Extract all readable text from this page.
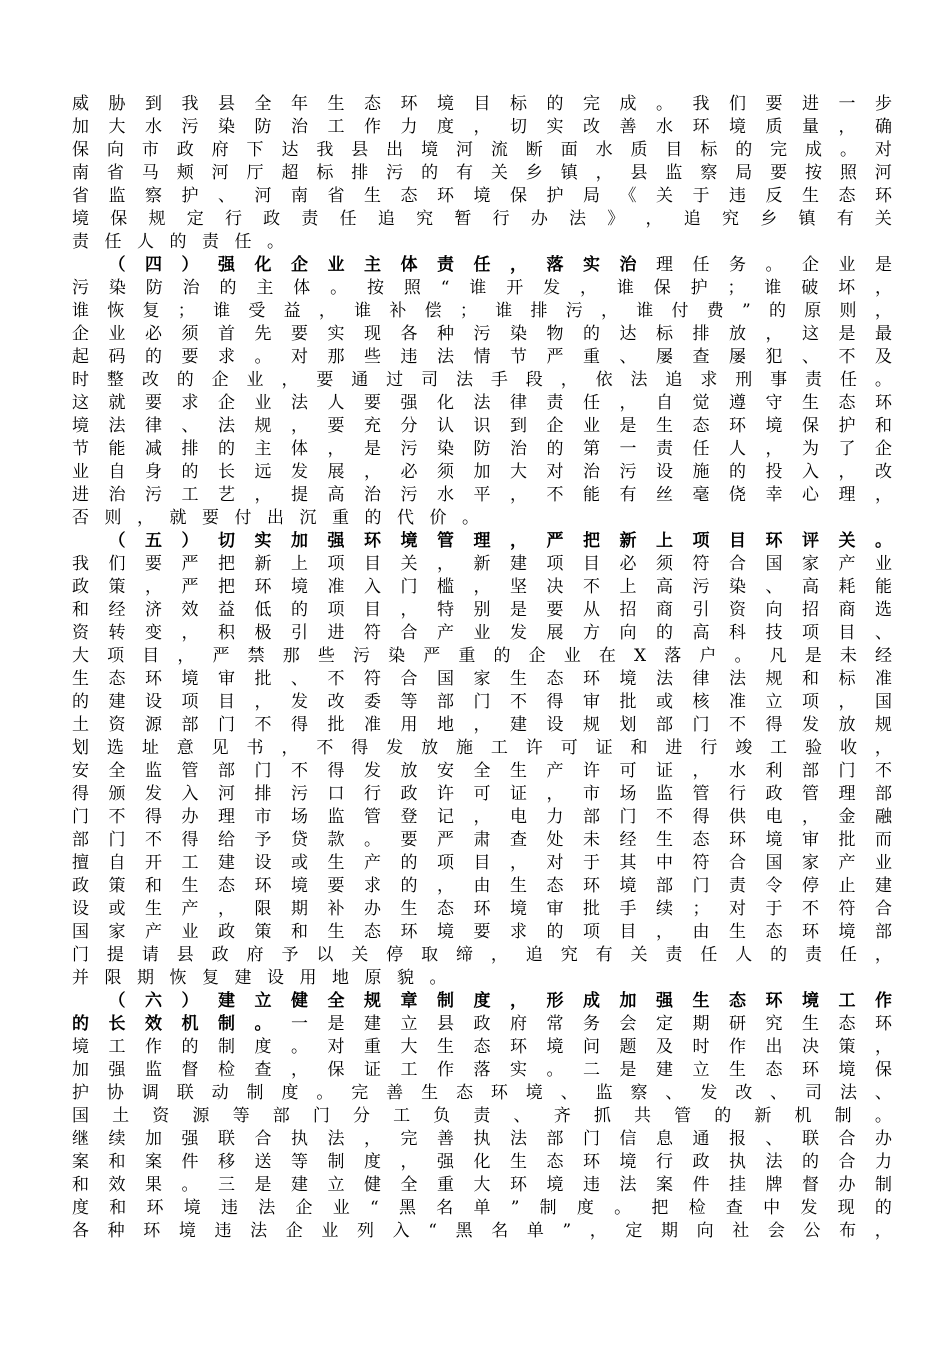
威 胁 到 我 县 全 年 生 态 环 境 目 标 的 完 成 。 我 们 要 进 一 步
加 大 水 污 染 防 治 工 作 力 度 ， 切 实 改 善 水 环 境 质 量 ， 确
保 向 市 政 府 下 达 我 县 出 境 河 流 断 面 水 质 目 标 的 完 成 。 对
南 省 马 颊 河 厅 超 标 排 污 的 有 关 乡 镇 ， 县 监 察 局 要 按 照 河
省 监 察 护 、 河 南 省 生 态 环 境 保 护 局 《 关 于 违 反 生 态 环
境 保 规 定 行 政 责 任 追 究 暂 行 办 法 》 ， 追 究 乡 镇 有 关
责 任 人 的 责 任 。
（ 四 ） 强 化 企 业 主 体 责 任 ， 落 实 治 理 任 务 。 企 业 是
污 染 防 治 的 主 体 。 按 照 “ 谁 开 发 ， 谁 保 护 ； 谁 破 坏 ，
谁 恢 复 ； 谁 受 益 ， 谁 补 偿 ； 谁 排 污 ， 谁 付 费 ” 的 原 则 ，
企 业 必 须 首 先 要 实 现 各 种 污 染 物 的 达 标 排 放 ， 这 是 最
起 码 的 要 求 。 对 那 些 违 法 情 节 严 重 、 屡 查 屡 犯 、 不 及
时 整 改 的 企 业 ， 要 通 过 司 法 手 段 ， 依 法 追 求 刑 事 责 任 。
这 就 要 求 企 业 法 人 要 强 化 法 律 责 任 ， 自 觉 遵 守 生 态 环
境 法 律 、 法 规 ， 要 充 分 认 识 到 企 业 是 生 态 环 境 保 护 和
节 能 减 排 的 主 体 ， 是 污 染 防 治 的 第 一 责 任 人 ， 为 了 企
业 自 身 的 长 远 发 展 ， 必 须 加 大 对 治 污 设 施 的 投 入 ， 改
进 治 污 工 艺 ， 提 高 治 污 水 平 ， 不 能 有 丝 毫 侥 幸 心 理 ，
否 则 ， 就 要 付 出 沉 重 的 代 价 。
（ 五 ） 切 实 加 强 环 境 管 理 ， 严 把 新 上 项 目 环 评 关 。
我 们 要 严 把 新 上 项 目 关 ， 新 建 项 目 必 须 符 合 国 家 产 业
政 策 ， 严 把 环 境 准 入 门 槛 ， 坚 决 不 上 高 污 染 、 高 耗 能
和 经 济 效 益 低 的 项 目 ， 特 别 是 要 从 招 商 引 资 向 招 商 选
资 转 变 ， 积 极 引 进 符 合 产 业 发 展 方 向 的 高 科 技 项 目 、
大 项 目 ， 严 禁 那 些 污 染 严 重 的 企 业 在 X 落 户 。 凡 是 未 经
生 态 环 境 审 批 、 不 符 合 国 家 生 态 环 境 法 律 法 规 和 标 准
的 建 设 项 目 ， 发 改 委 等 部 门 不 得 审 批 或 核 准 立 项 ， 国
土 资 源 部 门 不 得 批 准 用 地 ， 建 设 规 划 部 门 不 得 发 放 规
划 选 址 意 见 书 ， 不 得 发 放 施 工 许 可 证 和 进 行 竣 工 验 收 ，
安 全 监 管 部 门 不 得 发 放 安 全 生 产 许 可 证 ， 水 利 部 门 不
得 颁 发 入 河 排 污 口 行 政 许 可 证 ， 市 场 监 管 行 政 管 理 部
门 不 得 办 理 市 场 监 管 登 记 ， 电 力 部 门 不 得 供 电 ， 金 融
部 门 不 得 给 予 贷 款 。 要 严 肃 查 处 未 经 生 态 环 境 审 批 而
擅 自 开 工 建 设 或 生 产 的 项 目 ， 对 于 其 中 符 合 国 家 产 业
政 策 和 生 态 环 境 要 求 的 ， 由 生 态 环 境 部 门 责 令 停 止 建
设 或 生 产 ， 限 期 补 办 生 态 环 境 审 批 手 续 ； 对 于 不 符 合
国 家 产 业 政 策 和 生 态 环 境 要 求 的 项 目 ， 由 生 态 环 境 部
门 提 请 县 政 府 予 以 关 停 取 缔 ， 追 究 有 关 责 任 人 的 责 任 ，
并 限 期 恢 复 建 设 用 地 原 貌 。
（ 六 ） 建 立 健 全 规 章 制 度 ， 形 成 加 强 生 态 环 境 工 作
的 长 效 机 制 。 一 是 建 立 县 政 府 常 务 会 定 期 研 究 生 态 环
境 工 作 的 制 度 。 对 重 大 生 态 环 境 问 题 及 时 作 出 决 策 ，
加 强 监 督 检 查 ， 保 证 工 作 落 实 。 二 是 建 立 生 态 环 境 保
护 协 调 联 动 制 度 。 完 善 生 态 环 境 、 监 察 、 发 改 、 司 法 、
国 土 资 源 等 部 门 分 工 负 责 、 齐 抓 共 管 的 新 机 制 。
继 续 加 强 联 合 执 法 ， 完 善 执 法 部 门 信 息 通 报 、 联 合 办
案 和 案 件 移 送 等 制 度 ， 强 化 生 态 环 境 行 政 执 法 的 合 力
和 效 果 。 三 是 建 立 健 全 重 大 环 境 违 法 案 件 挂 牌 督 办 制
度 和 环 境 违 法 企 业 “ 黑 名 单 ” 制 度 。 把 检 查 中 发 现 的
各 种 环 境 违 法 企 业 列 入 “ 黑 名 单 ” ， 定 期 向 社 会 公 布 ，
